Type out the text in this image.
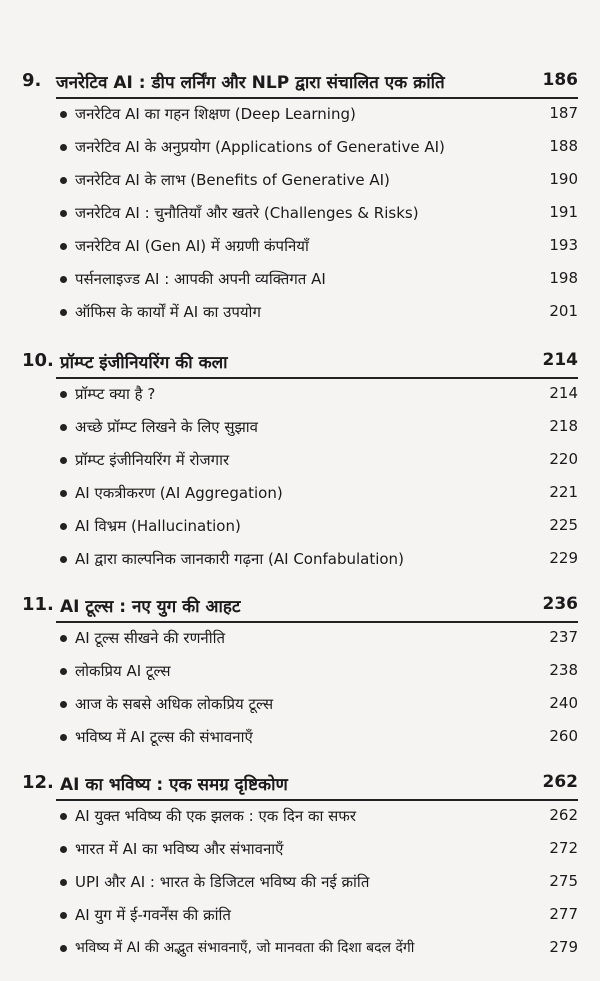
9. जनरेटिव AI : डीप लर्निंग और NLP द्वारा संचालित एक क्रांति	186
जनरेटिव AI का गहन शिक्षण (Deep Learning)	187
जनरेटिव AI के अनुप्रयोग (Applications of Generative AI)	188
जनरेटिव AI के लाभ (Benefits of Generative AI)	190
जनरेटिव AI : चुनौतियाँ और खतरे (Challenges & Risks)	191
जनरेटिव AI (Gen AI) में अग्रणी कंपनियाँ	193
पर्सनलाइज्ड AI : आपकी अपनी व्यक्तिगत AI	198
ऑफिस के कार्यों में AI का उपयोग	201
10. प्रॉम्प्ट इंजीनियरिंग की कला	214
प्रॉम्प्ट क्या है ?	214
अच्छे प्रॉम्प्ट लिखने के लिए सुझाव	218
प्रॉम्प्ट इंजीनियरिंग में रोजगार	220
AI एकत्रीकरण (AI Aggregation)	221
AI विभ्रम (Hallucination)	225
AI द्वारा काल्पनिक जानकारी गढ़ना (AI Confabulation)	229
11. AI टूल्स : नए युग की आहट	236
AI टूल्स सीखने की रणनीति	237
लोकप्रिय AI टूल्स	238
आज के सबसे अधिक लोकप्रिय टूल्स	240
भविष्य में AI टूल्स की संभावनाएँ	260
12. AI का भविष्य : एक समग्र दृष्टिकोण	262
AI युक्त भविष्य की एक झलक : एक दिन का सफर	262
भारत में AI का भविष्य और संभावनाएँ	272
UPI और AI : भारत के डिजिटल भविष्य की नई क्रांति	275
AI युग में ई-गवर्नेंस की क्रांति	277
भविष्य में AI की अद्भुत संभावनाएँ, जो मानवता की दिशा बदल देंगी	279
